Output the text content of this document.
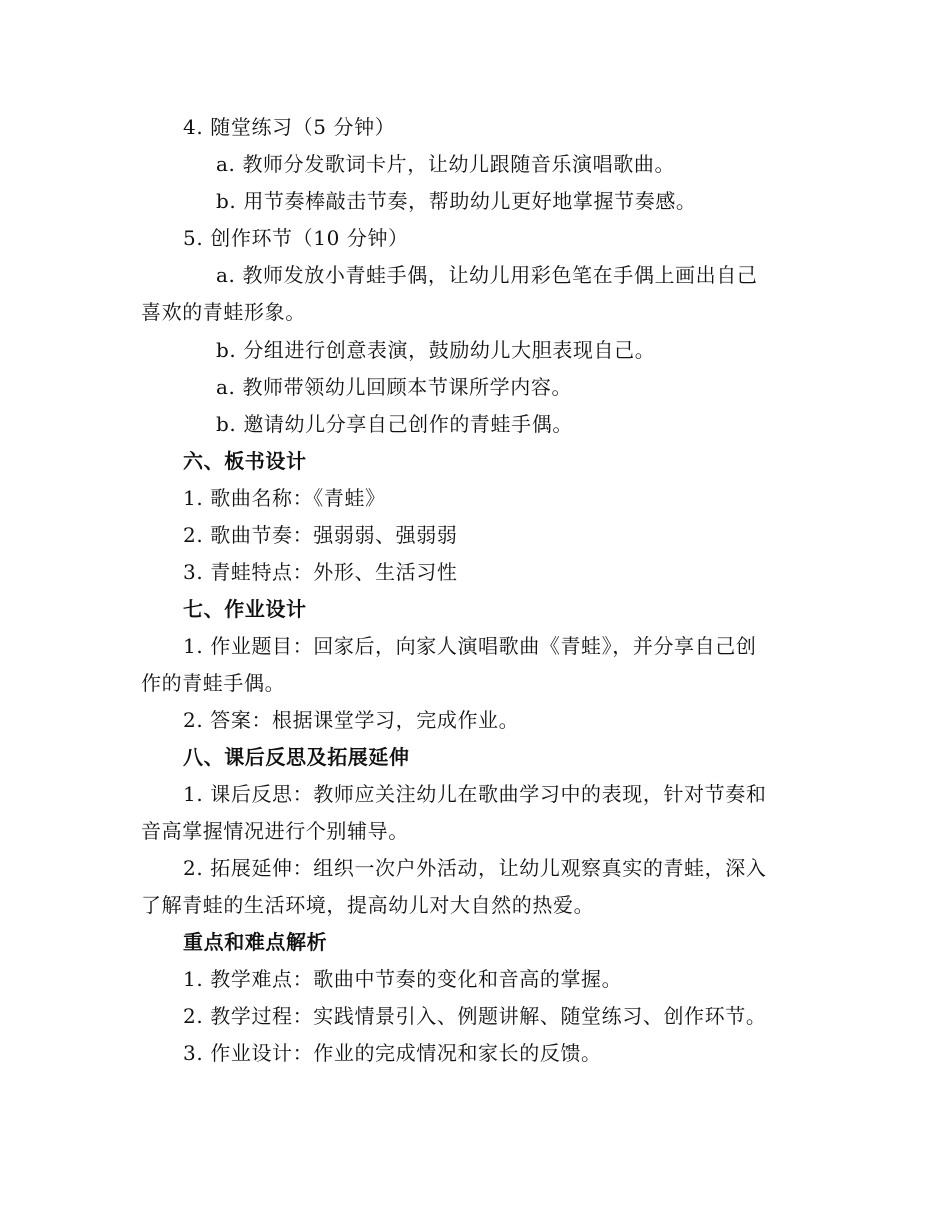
4. 随堂练习（5 分钟）
a. 教师分发歌词卡片，让幼儿跟随音乐演唱歌曲。
b. 用节奏棒敲击节奏，帮助幼儿更好地掌握节奏感。
5. 创作环节（10 分钟）
a. 教师发放小青蛙手偶，让幼儿用彩色笔在手偶上画出自己
喜欢的青蛙形象。
b. 分组进行创意表演，鼓励幼儿大胆表现自己。
a. 教师带领幼儿回顾本节课所学内容。
b. 邀请幼儿分享自己创作的青蛙手偶。
六、板书设计
1. 歌曲名称：《青蛙》
2. 歌曲节奏：强弱弱、强弱弱
3. 青蛙特点：外形、生活习性
七、作业设计
1. 作业题目：回家后，向家人演唱歌曲《青蛙》，并分享自己创
作的青蛙手偶。
2. 答案：根据课堂学习，完成作业。
八、课后反思及拓展延伸
1. 课后反思：教师应关注幼儿在歌曲学习中的表现，针对节奏和
音高掌握情况进行个别辅导。
2. 拓展延伸：组织一次户外活动，让幼儿观察真实的青蛙，深入
了解青蛙的生活环境，提高幼儿对大自然的热爱。
重点和难点解析
1. 教学难点：歌曲中节奏的变化和音高的掌握。
2. 教学过程：实践情景引入、例题讲解、随堂练习、创作环节。
3. 作业设计：作业的完成情况和家长的反馈。
